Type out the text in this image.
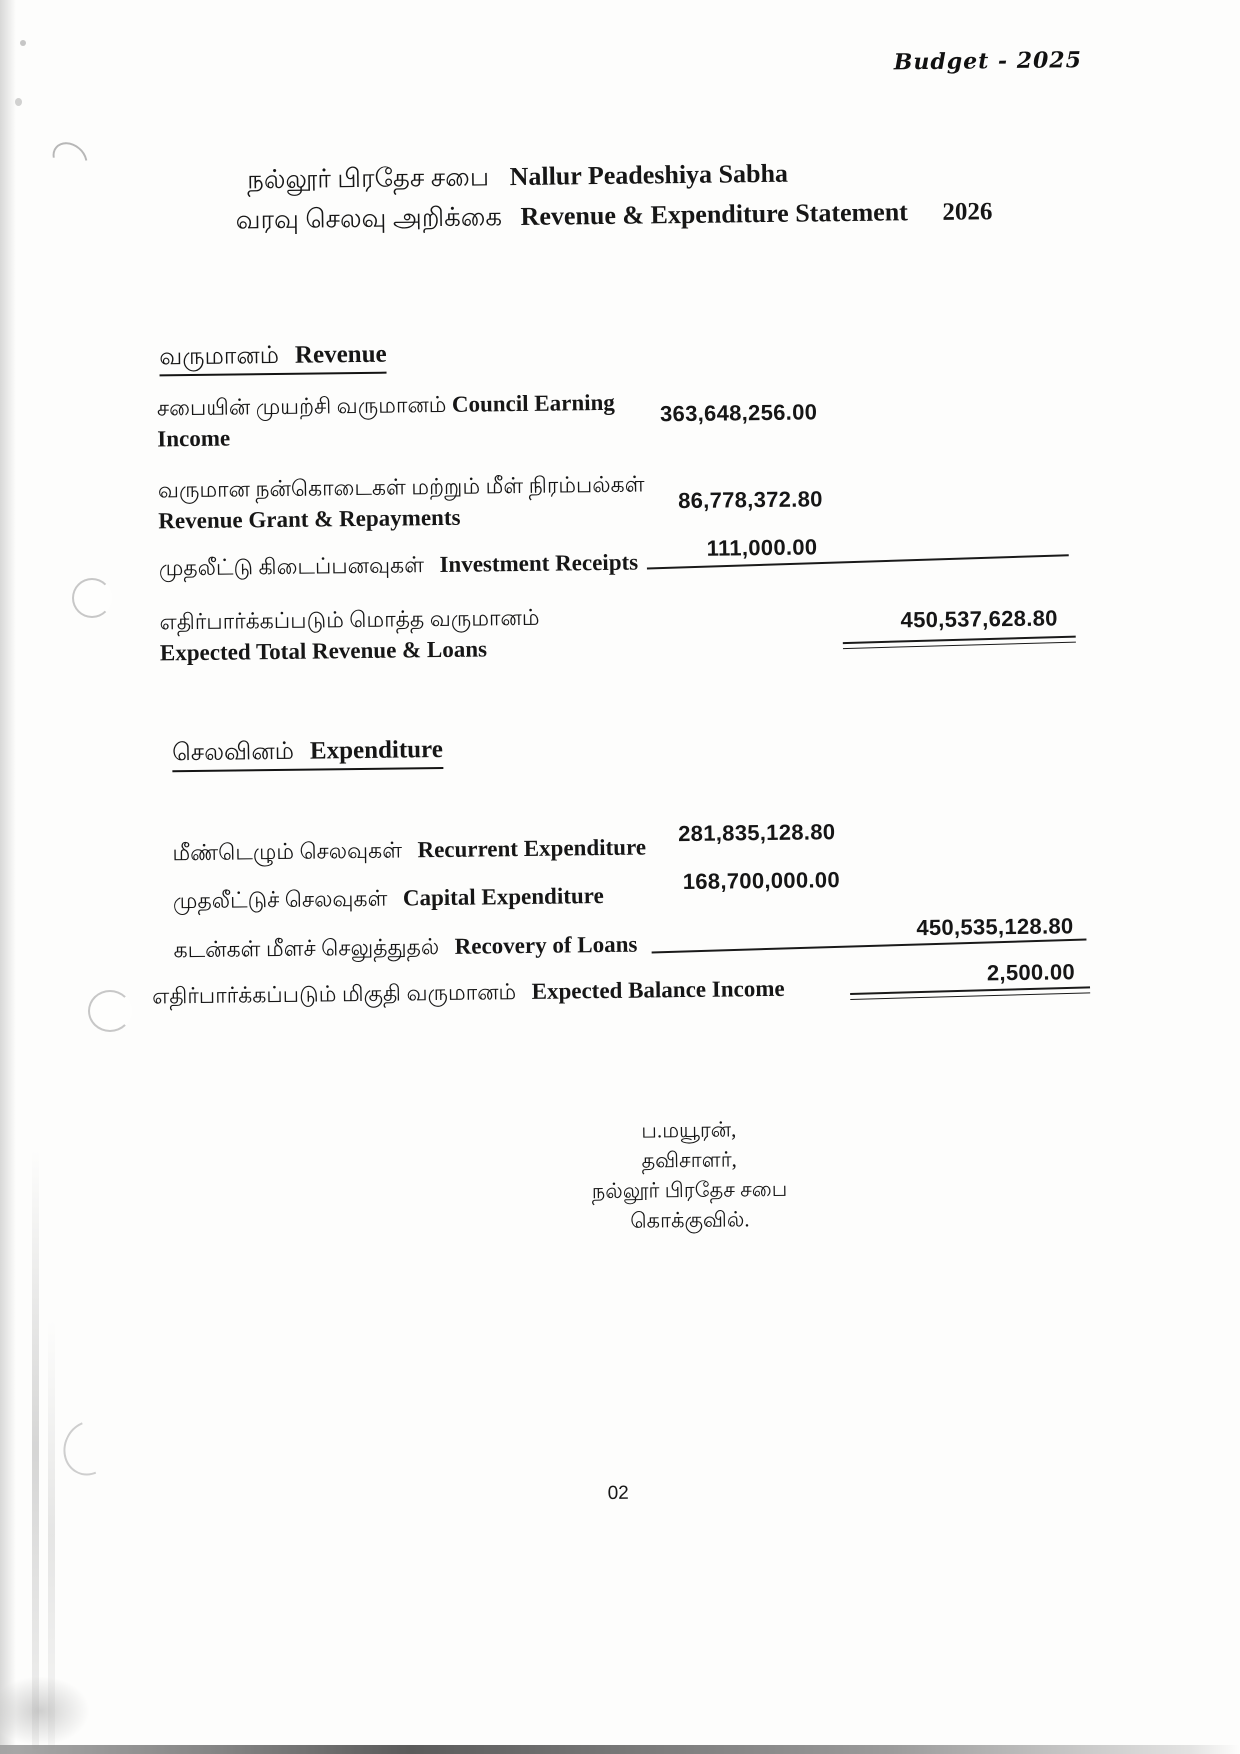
Budget - 2025
நல்லூர் பிரதேச சபை Nallur Peadeshiya Sabha
வரவு செலவு அறிக்கை Revenue & Expenditure Statement 2026
வருமானம் Revenue
சபையின் முயற்சி வருமானம் Council Earning Income
363,648,256.00
வருமான நன்கொடைகள் மற்றும் மீள் நிரம்பல்கள்
Revenue Grant & Repayments
86,778,372.80
முதலீட்டு கிடைப்பனவுகள் Investment Receipts
111,000.00
எதிர்பார்க்கப்படும் மொத்த வருமானம்
Expected Total Revenue & Loans
450,537,628.80
செலவினம் Expenditure
மீண்டெழும் செலவுகள் Recurrent Expenditure
281,835,128.80
முதலீட்டுச் செலவுகள் Capital Expenditure
168,700,000.00
கடன்கள் மீளச் செலுத்துதல் Recovery of Loans
450,535,128.80
எதிர்பார்க்கப்படும் மிகுதி வருமானம் Expected Balance Income
2,500.00
ப.மயூரன்,
தவிசாளர்,
நல்லூர் பிரதேச சபை
கொக்குவில்.
02
